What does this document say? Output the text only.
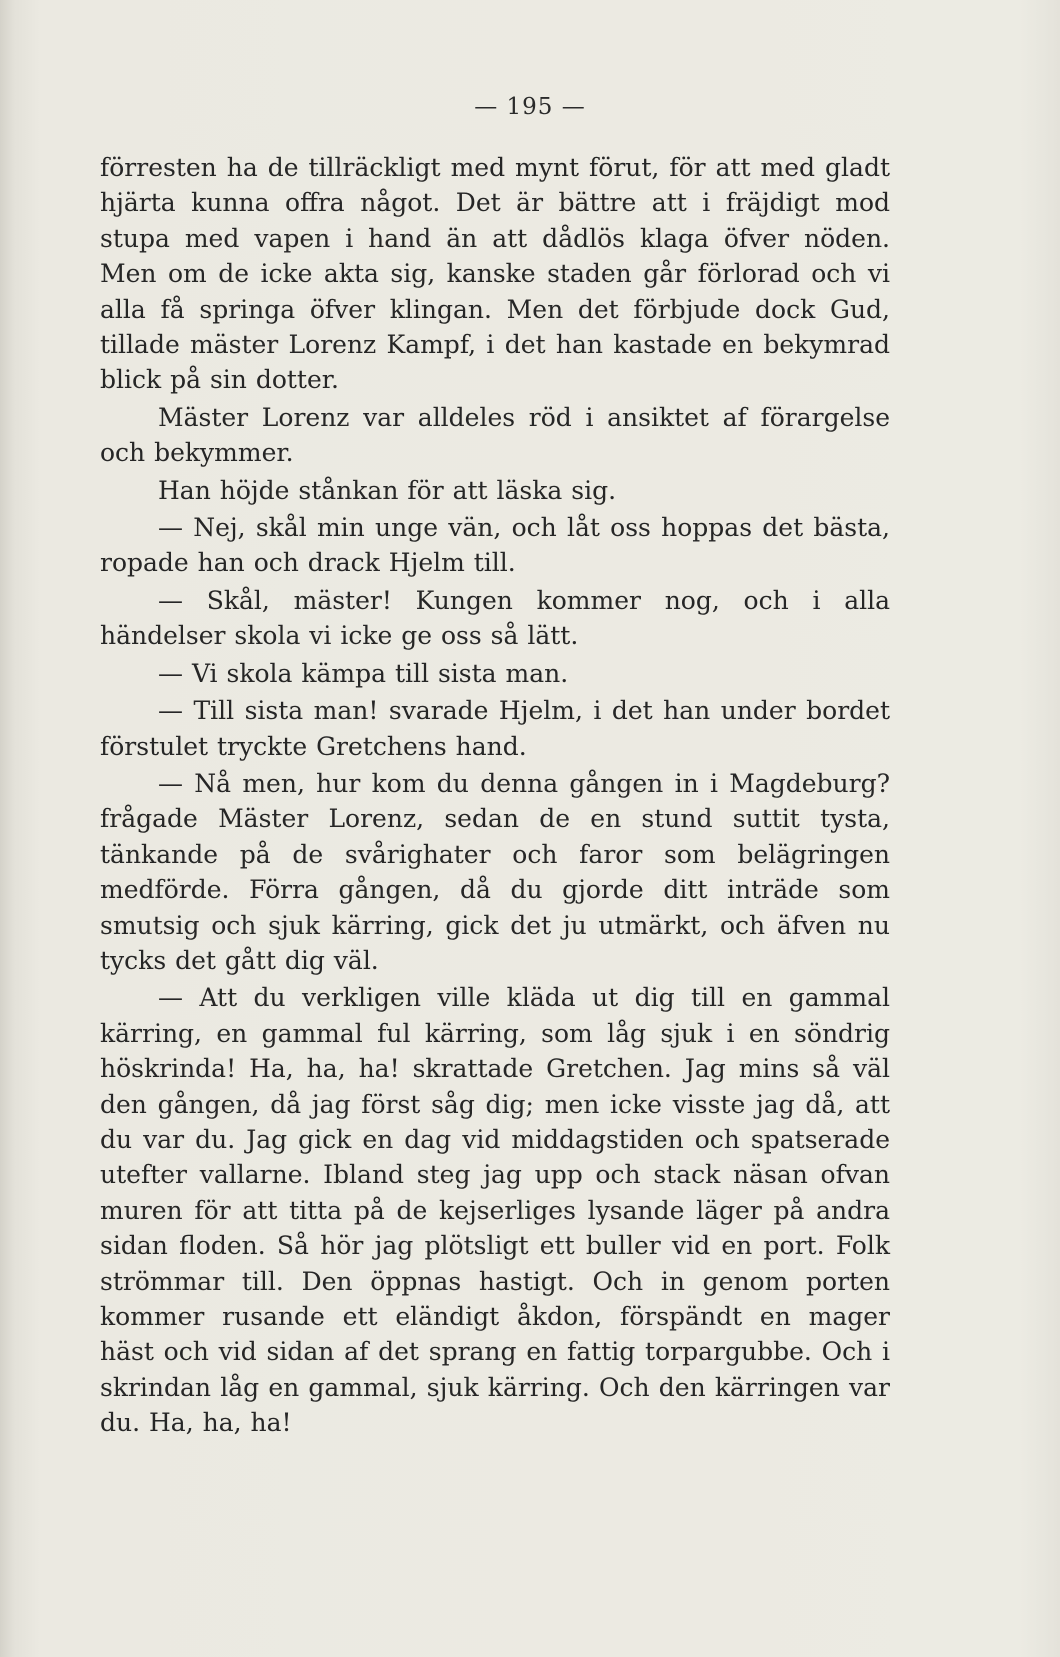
— 195 —

förresten ha de tillräckligt med mynt förut, för att med gladt hjärta kunna offra något. Det är bättre att i fräjdigt mod stupa med vapen i hand än att dådlös klaga öfver nöden. Men om de icke akta sig, kanske staden går förlorad och vi alla få springa öfver klingan. Men det förbjude dock Gud, tillade mäster Lorenz Kampf, i det han kastade en bekymrad blick på sin dotter.

Mäster Lorenz var alldeles röd i ansiktet af förargelse och bekymmer.

Han höjde stånkan för att läska sig.

— Nej, skål min unge vän, och låt oss hoppas det bästa, ropade han och drack Hjelm till.

— Skål, mäster! Kungen kommer nog, och i alla händelser skola vi icke ge oss så lätt.

— Vi skola kämpa till sista man.

— Till sista man! svarade Hjelm, i det han under bordet förstulet tryckte Gretchens hand.

— Nå men, hur kom du denna gången in i Magdeburg? frågade Mäster Lorenz, sedan de en stund suttit tysta, tänkande på de svårighater och faror som belägringen medförde. Förra gången, då du gjorde ditt inträde som smutsig och sjuk kärring, gick det ju utmärkt, och äfven nu tycks det gått dig väl.

— Att du verkligen ville kläda ut dig till en gammal kärring, en gammal ful kärring, som låg sjuk i en söndrig höskrinda! Ha, ha, ha! skrattade Gretchen. Jag mins så väl den gången, då jag först såg dig; men icke visste jag då, att du var du. Jag gick en dag vid middagstiden och spatserade utefter vallarne. Ibland steg jag upp och stack näsan ofvan muren för att titta på de kejserliges lysande läger på andra sidan floden. Så hör jag plötsligt ett buller vid en port. Folk strömmar till. Den öppnas hastigt. Och in genom porten kommer rusande ett eländigt åkdon, förspändt en mager häst och vid sidan af det sprang en fattig torpargubbe. Och i skrindan låg en gammal, sjuk kärring. Och den kärringen var du. Ha, ha, ha!
